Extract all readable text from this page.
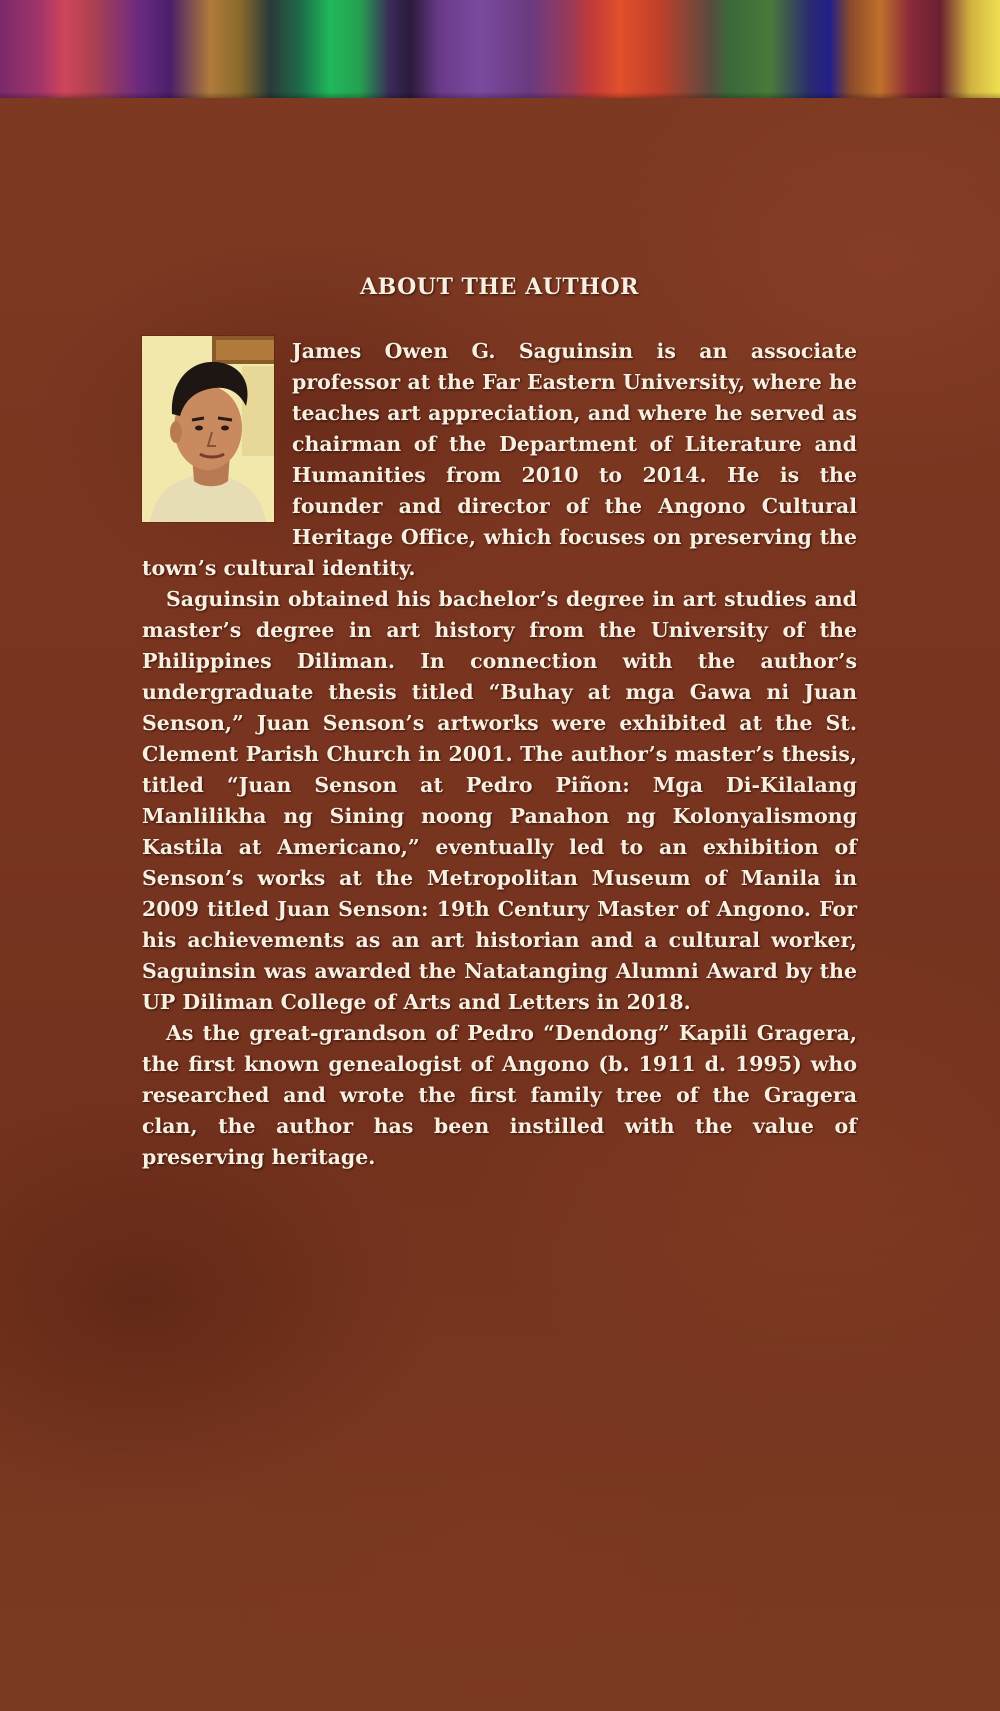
ABOUT THE AUTHOR

James Owen G. Saguinsin is an associate professor at the Far Eastern University, where he teaches art appreciation, and where he served as chairman of the Department of Literature and Humanities from 2010 to 2014. He is the founder and director of the Angono Cultural Heritage Office, which focuses on preserving the town’s cultural identity.

Saguinsin obtained his bachelor’s degree in art studies and master’s degree in art history from the University of the Philippines Diliman. In connection with the author’s undergraduate thesis titled “Buhay at mga Gawa ni Juan Senson,” Juan Senson’s artworks were exhibited at the St. Clement Parish Church in 2001. The author’s master’s thesis, titled “Juan Senson at Pedro Piñon: Mga Di-Kilalang Manlilikha ng Sining noong Panahon ng Kolonyalismong Kastila at Americano,” eventually led to an exhibition of Senson’s works at the Metropolitan Museum of Manila in 2009 titled Juan Senson: 19th Century Master of Angono. For his achievements as an art historian and a cultural worker, Saguinsin was awarded the Natatanging Alumni Award by the UP Diliman College of Arts and Letters in 2018.

As the great-grandson of Pedro “Dendong” Kapili Gragera, the first known genealogist of Angono (b. 1911 d. 1995) who researched and wrote the first family tree of the Gragera clan, the author has been instilled with the value of preserving heritage.
